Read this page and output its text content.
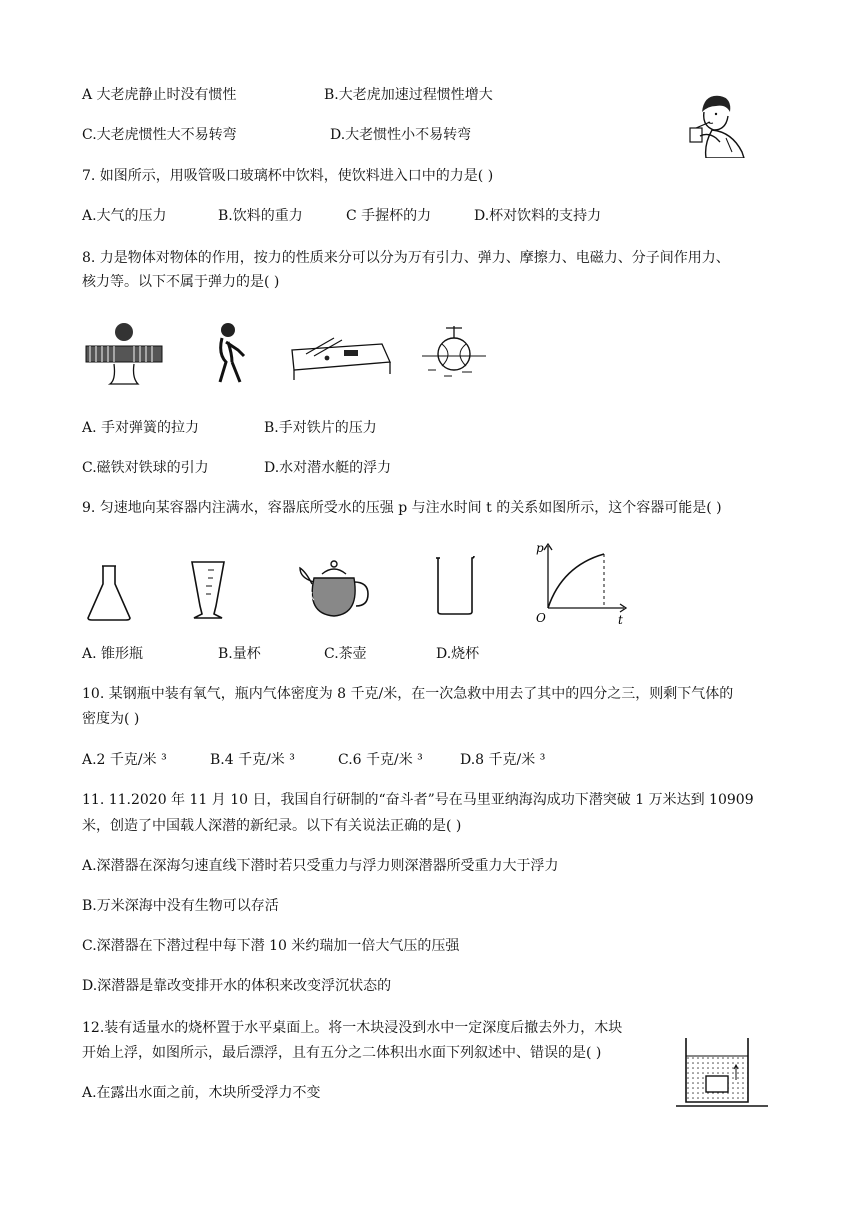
A 大老虎静止时没有惯性	B.大老虎加速过程惯性增大
C.大老虎惯性大不易转弯	D.大老惯性小不易转弯
7. 如图所示，用吸管吸口玻璃杯中饮料，使饮料进入口中的力是( )
A.大气的压力	B.饮料的重力	C 手握杯的力	D.杯对饮料的支持力
8. 力是物体对物体的作用，按力的性质来分可以分为万有引力、弹力、摩擦力、电磁力、分子间作用力、
核力等。以下不属于弹力的是( )
A. 手对弹簧的拉力	B.手对铁片的压力
C.磁铁对铁球的引力	D.水对潜水艇的浮力
9. 匀速地向某容器内注满水，容器底所受水的压强 p 与注水时间 t 的关系如图所示，这个容器可能是( )
p
t
O
A. 锥形瓶	B.量杯	C.茶壶	D.烧杯
10. 某钢瓶中装有氧气，瓶内气体密度为 8 千克/米，在一次急救中用去了其中的四分之三，则剩下气体的
密度为( )
A.2 千克/米 ³	B.4 千克/米 ³	C.6 千克/米 ³	D.8 千克/米 ³
11. 11.2020 年 11 月 10 日，我国自行研制的“奋斗者”号在马里亚纳海沟成功下潜突破 1 万米达到 10909
米，创造了中国载人深潜的新纪录。以下有关说法正确的是( )
A.深潜器在深海匀速直线下潜时若只受重力与浮力则深潜器所受重力大于浮力
B.万米深海中没有生物可以存活
C.深潜器在下潜过程中每下潜 10 米约瑞加一倍大气压的压强
D.深潜器是靠改变排开水的体积来改变浮沉状态的
12.装有适量水的烧杯置于水平桌面上。将一木块浸没到水中一定深度后撤去外力，木块
开始上浮，如图所示，最后漂浮，且有五分之二体积出水面下列叙述中、错误的是( )
A.在露出水面之前，木块所受浮力不变
